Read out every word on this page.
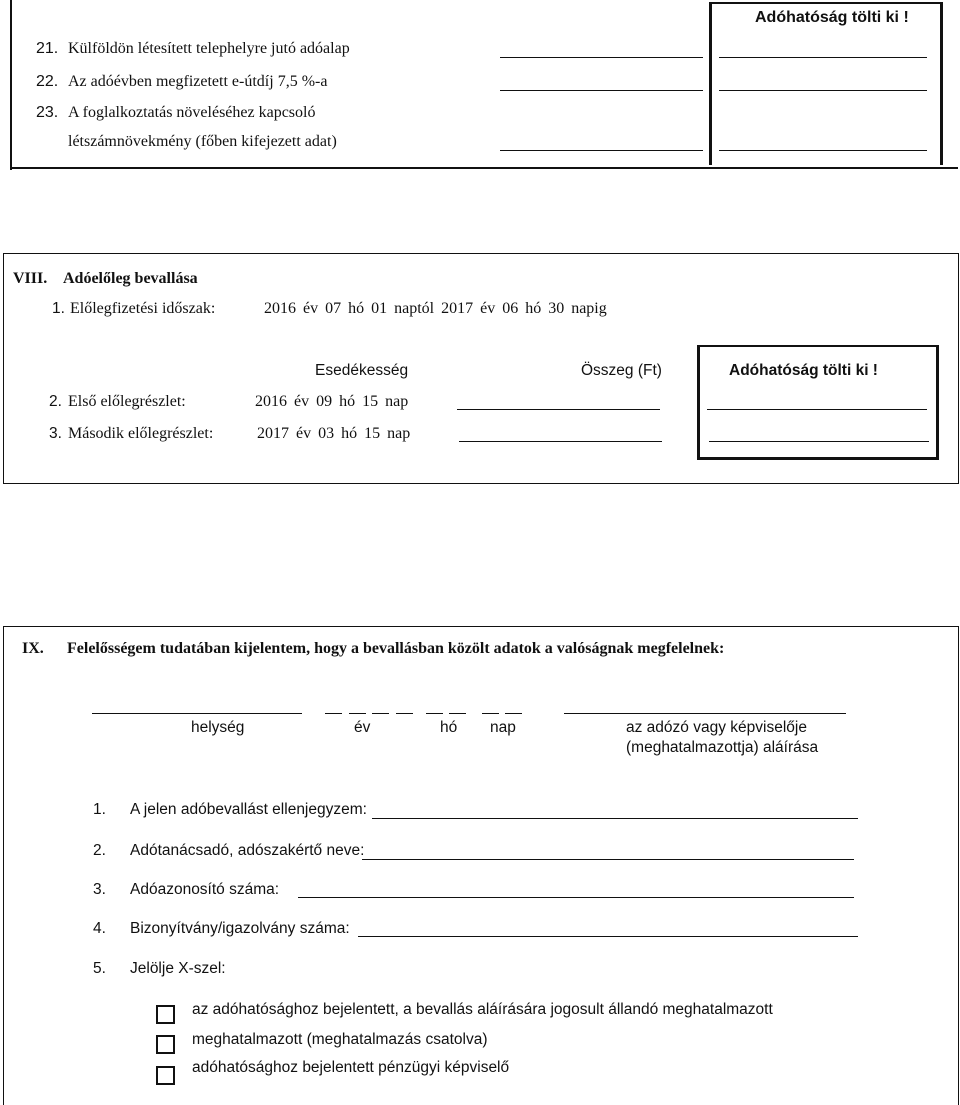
Adóhatóság tölti ki !
21. Külföldön létesített telephelyre jutó adóalap
22. Az adóévben megfizetett e-útdíj 7,5 %-a
23. A foglalkoztatás növeléséhez kapcsoló
létszámnövekmény (főben kifejezett adat)
VIII. Adóelőleg bevallása
1. Előlegfizetési időszak:	2016 év 07 hó 01 naptól 2017 év 06 hó 30 napig
Esedékesség	Összeg (Ft)	Adóhatóság tölti ki !
2. Első előlegrészlet:	2016 év 09 hó 15 nap
3. Második előlegrészlet:	2017 év 03 hó 15 nap
IX. Felelősségem tudatában kijelentem, hogy a bevallásban közölt adatok a valóságnak megfelelnek:
helység	év	hó nap	az adózó vagy képviselője
(meghatalmazottja) aláírása
1. A jelen adóbevallást ellenjegyzem:
2. Adótanácsadó, adószakértő neve:
3. Adóazonosító száma:
4. Bizonyítvány/igazolvány száma:
5. Jelölje X-szel:
az adóhatósághoz bejelentett, a bevallás aláírására jogosult állandó meghatalmazott
meghatalmazott (meghatalmazás csatolva)
adóhatósághoz bejelentett pénzügyi képviselő
